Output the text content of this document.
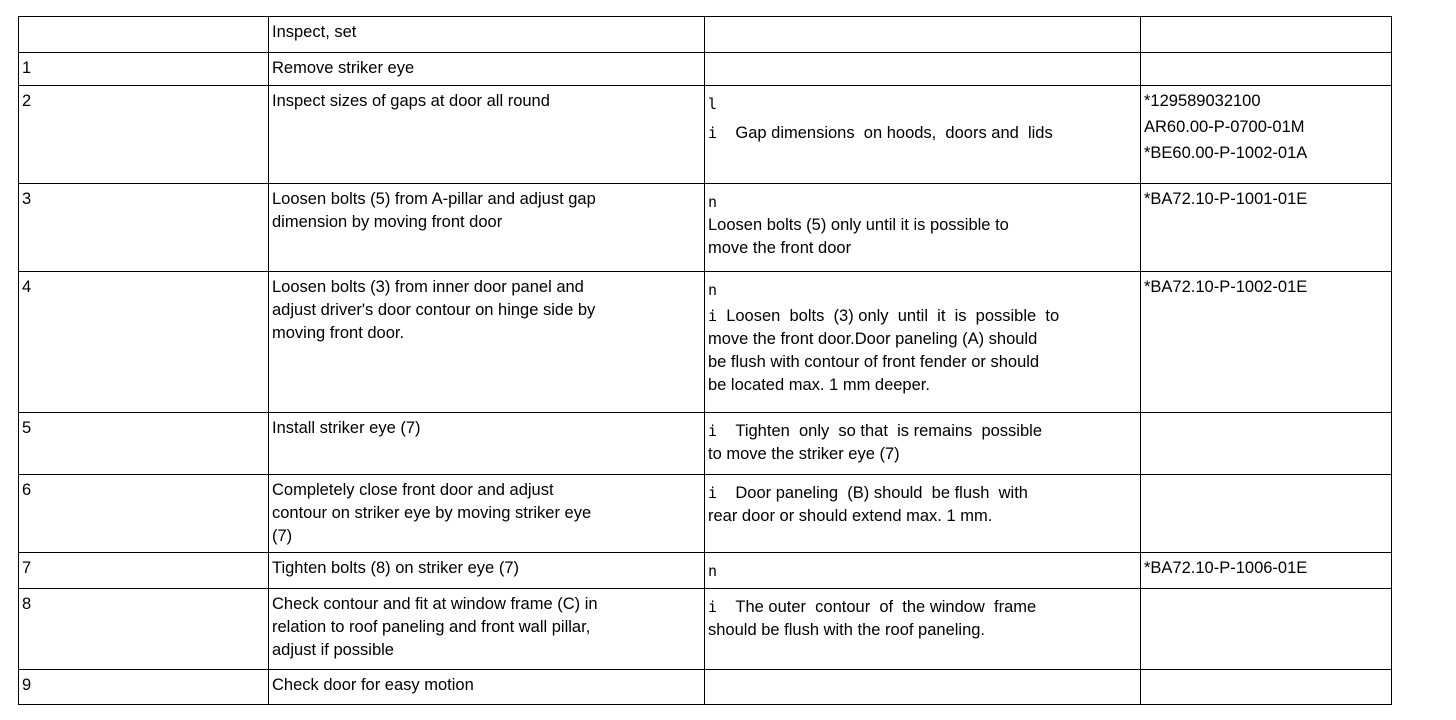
	Inspect, set		

1	Remove striker eye		

2	Inspect sizes of gaps at door all round	l
i Gap dimensions  on hoods,  doors and  lids	*129589032100
AR60.00-P-0700-01M
*BE60.00-P-1002-01A

3	Loosen bolts (5) from A-pillar and adjust gap
dimension by moving front door	n
Loosen bolts (5) only until it is possible to
move the front door	*BA72.10-P-1001-01E

4	Loosen bolts (3) from inner door panel and
adjust driver's door contour on hinge side by
moving front door.	n
i Loosen  bolts  (3) only  until  it  is  possible  to
move the front door.Door paneling (A) should
be flush with contour of front fender or should
be located max. 1 mm deeper.	*BA72.10-P-1002-01E

5	Install striker eye (7)	i Tighten  only  so that  is remains  possible
to move the striker eye (7)	

6	Completely close front door and adjust
contour on striker eye by moving striker eye
(7)	i Door paneling  (B) should  be flush  with
rear door or should extend max. 1 mm.	

7	Tighten bolts (8) on striker eye (7)	n	*BA72.10-P-1006-01E

8	Check contour and fit at window frame (C) in
relation to roof paneling and front wall pillar,
adjust if possible	i The outer  contour  of  the window  frame
should be flush with the roof paneling.	

9	Check door for easy motion		
